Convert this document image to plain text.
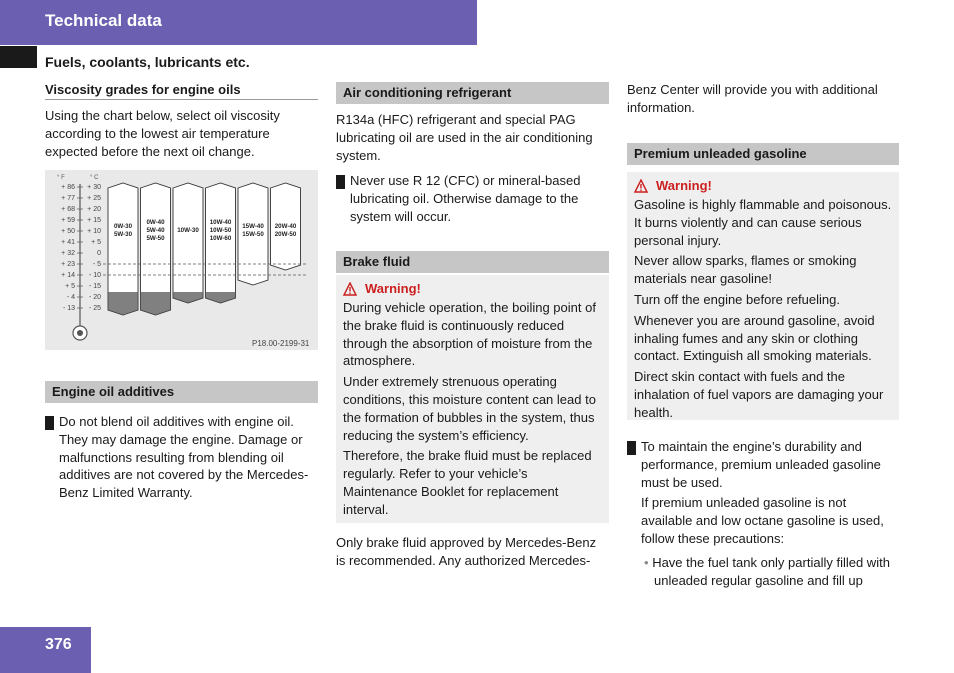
Technical data
Fuels, coolants, lubricants etc.
Viscosity grades for engine oils

Using the chart below, select oil viscosity according to the lowest air temperature expected before the next oil change.

° F	° C
+ 86 + 30
+ 77 + 25
+ 68 + 20
+ 59 + 15
+ 50 + 10
+ 41 + 5
+ 32	0
+ 23	- 5
+ 14 - 10
+ 5 - 15
- 4 - 20
- 13 - 25
0W-30
5W-30
0W-40
5W-40
5W-50
10W-30
10W-40
10W-50
10W-60
15W-40
15W-50
20W-40
20W-50
P18.00-2199-31
Engine oil additives

! Do not blend oil additives with engine oil. They may damage the engine. Damage or malfunctions resulting from blending oil additives are not covered by the Mercedes-Benz Limited Warranty.

Air conditioning refrigerant

R134a (HFC) refrigerant and special PAG lubricating oil are used in the air conditioning system.

! Never use R 12 (CFC) or mineral-based lubricating oil. Otherwise damage to the system will occur.

Brake fluid
Warning!

During vehicle operation, the boiling point of the brake fluid is continuously reduced through the absorption of moisture from the atmosphere.

Under extremely strenuous operating conditions, this moisture content can lead to the formation of bubbles in the system, thus reducing the system’s efficiency.

Therefore, the brake fluid must be replaced regularly. Refer to your vehicle’s Maintenance Booklet for replacement interval.

Only brake fluid approved by Mercedes-Benz is recommended. Any authorized Mercedes-

Benz Center will provide you with additional information.

Premium unleaded gasoline
Warning!

Gasoline is highly flammable and poisonous. It burns violently and can cause serious personal injury.

Never allow sparks, flames or smoking materials near gasoline!

Turn off the engine before refueling.

Whenever you are around gasoline, avoid inhaling fumes and any skin or clothing contact. Extinguish all smoking materials.

Direct skin contact with fuels and the inhalation of fuel vapors are damaging your health.

! To maintain the engine’s durability and performance, premium unleaded gasoline must be used.

If premium unleaded gasoline is not available and low octane gasoline is used, follow these precautions:

• Have the fuel tank only partially filled with unleaded regular gasoline and fill up

376
